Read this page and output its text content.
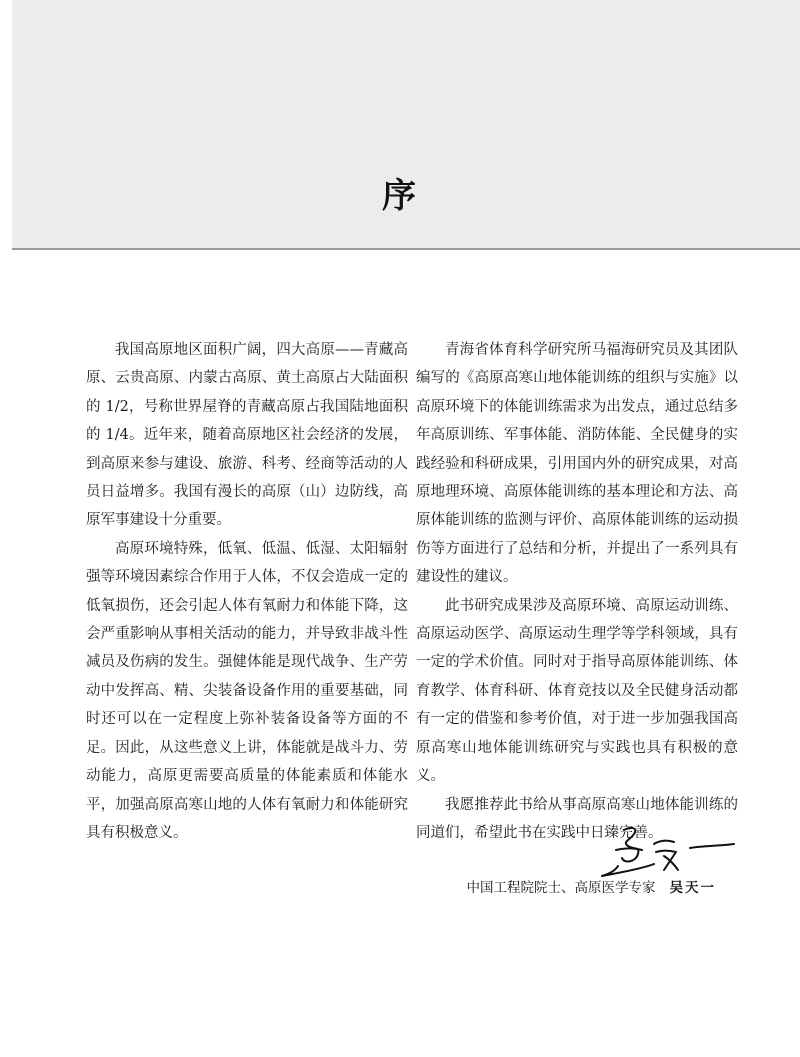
序

我国高原地区面积广阔，四大高原——青藏高原、云贵高原、内蒙古高原、黄土高原占大陆面积的 1/2，号称世界屋脊的青藏高原占我国陆地面积的 1/4。近年来，随着高原地区社会经济的发展，到高原来参与建设、旅游、科考、经商等活动的人员日益增多。我国有漫长的高原（山）边防线，高原军事建设十分重要。

高原环境特殊，低氧、低温、低湿、太阳辐射强等环境因素综合作用于人体，不仅会造成一定的低氧损伤，还会引起人体有氧耐力和体能下降，这会严重影响从事相关活动的能力，并导致非战斗性减员及伤病的发生。强健体能是现代战争、生产劳动中发挥高、精、尖装备设备作用的重要基础，同时还可以在一定程度上弥补装备设备等方面的不足。因此，从这些意义上讲，体能就是战斗力、劳动能力，高原更需要高质量的体能素质和体能水平，加强高原高寒山地的人体有氧耐力和体能研究具有积极意义。

青海省体育科学研究所马福海研究员及其团队编写的《高原高寒山地体能训练的组织与实施》以高原环境下的体能训练需求为出发点，通过总结多年高原训练、军事体能、消防体能、全民健身的实践经验和科研成果，引用国内外的研究成果，对高原地理环境、高原体能训练的基本理论和方法、高原体能训练的监测与评价、高原体能训练的运动损伤等方面进行了总结和分析，并提出了一系列具有建设性的建议。

此书研究成果涉及高原环境、高原运动训练、高原运动医学、高原运动生理学等学科领域，具有一定的学术价值。同时对于指导高原体能训练、体育教学、体育科研、体育竞技以及全民健身活动都有一定的借鉴和参考价值，对于进一步加强我国高原高寒山地体能训练研究与实践也具有积极的意义。

我愿推荐此书给从事高原高寒山地体能训练的同道们，希望此书在实践中日臻完善。

中国工程院院士、高原医学专家 吴天一
